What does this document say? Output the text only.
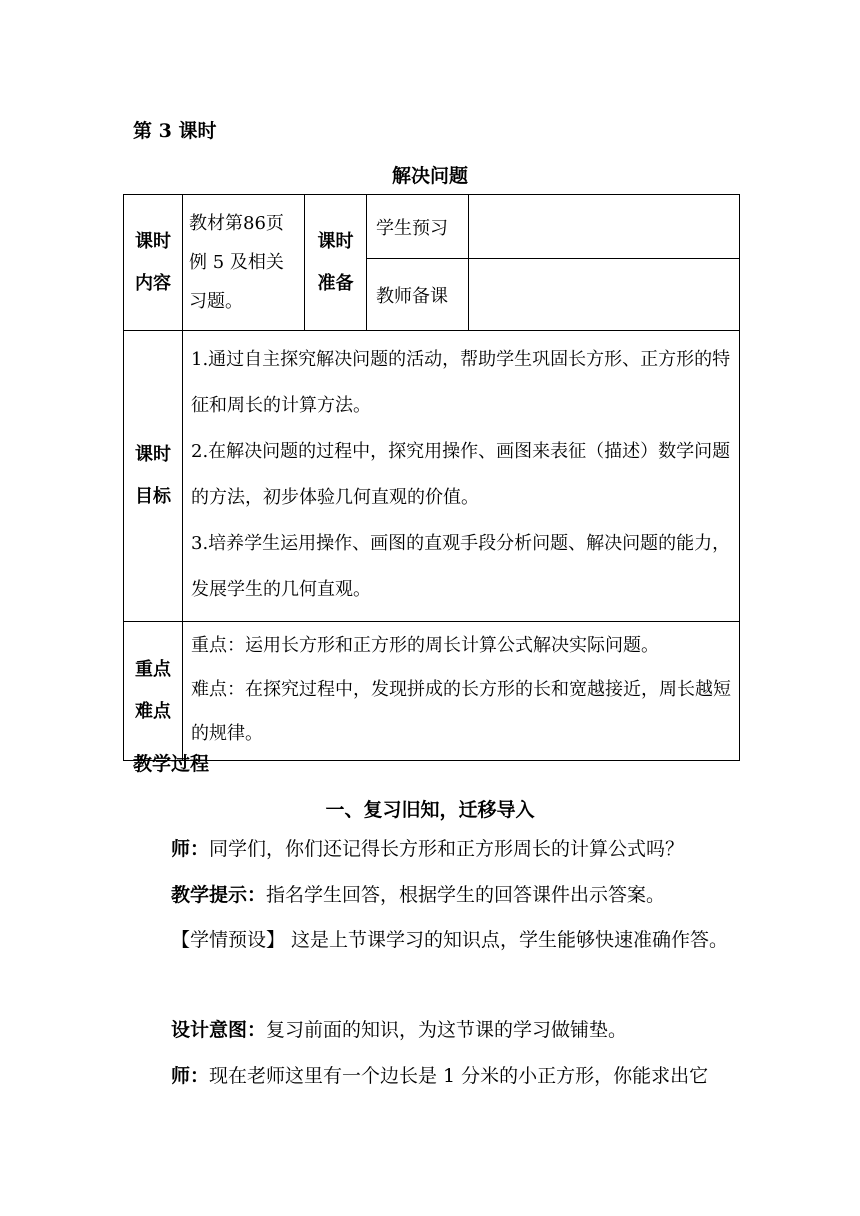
第 3 课时
解决问题
课时内容	教材第86页例 5 及相关习题。	课时准备	学生预习	
			教师备课	

课时目标	1.通过自主探究解决问题的活动，帮助学生巩固长方形、正方形的特征和周长的计算方法。
2.在解决问题的过程中，探究用操作、画图来表征（描述）数学问题的方法，初步体验几何直观的价值。
3.培养学生运用操作、画图的直观手段分析问题、解决问题的能力，发展学生的几何直观。			

重点难点	重点：运用长方形和正方形的周长计算公式解决实际问题。
难点：在探究过程中，发现拼成的长方形的长和宽越接近，周长越短的规律。			
教学过程
一、复习旧知，迁移导入
师：同学们，你们还记得长方形和正方形周长的计算公式吗？
教学提示：指名学生回答，根据学生的回答课件出示答案。
【学情预设】 这是上节课学习的知识点，学生能够快速准确作答。
设计意图：复习前面的知识，为这节课的学习做铺垫。
师：现在老师这里有一个边长是 1 分米的小正方形，你能求出它
